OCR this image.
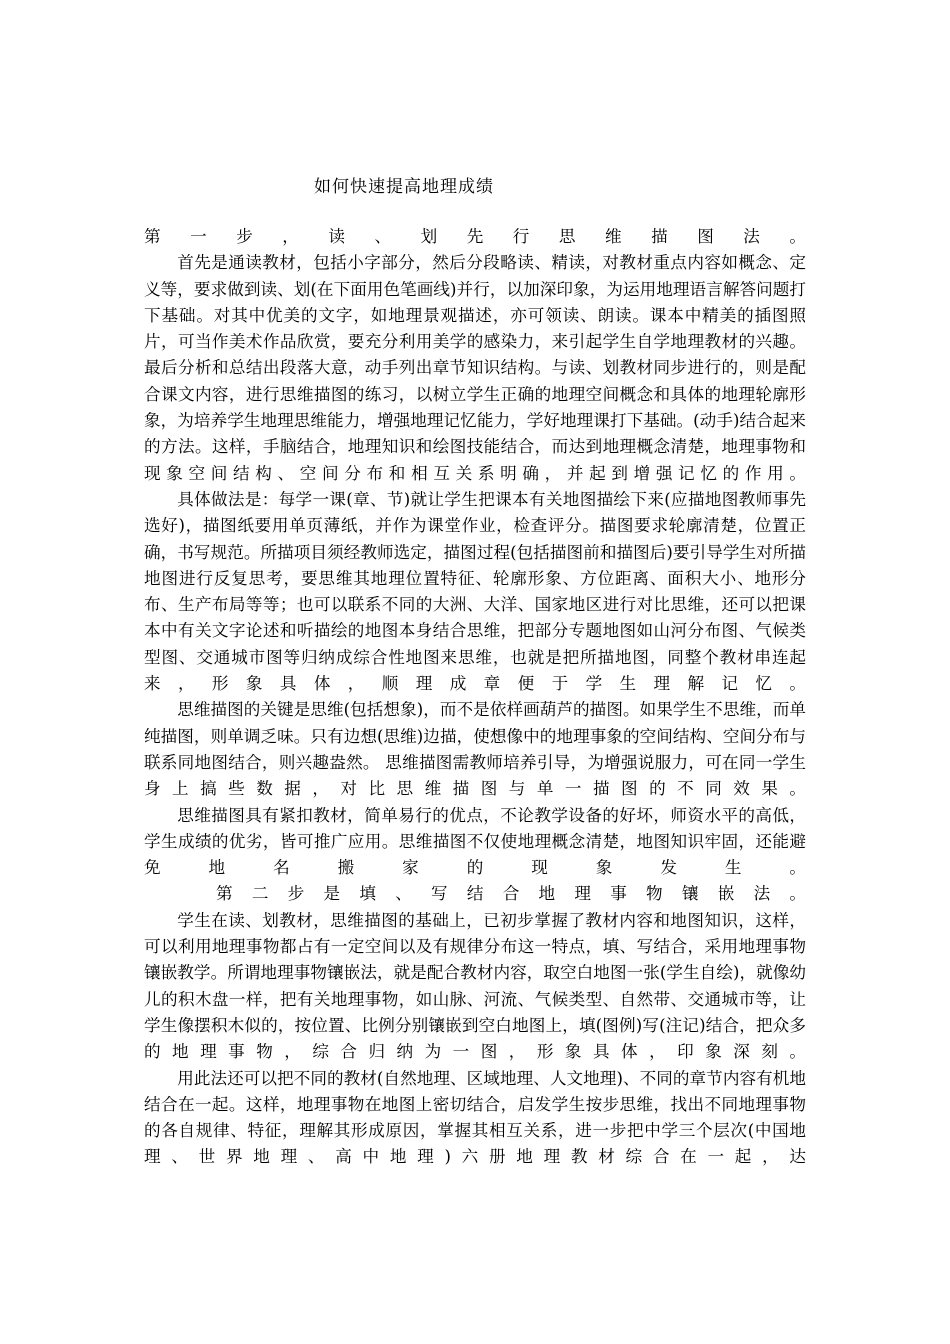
如何快速提高地理成绩

第一步，读、划先行思维描图法。

首先是通读教材，包括小字部分，然后分段略读、精读，对教材重点内容如概念、定义等，要求做到读、划(在下面用色笔画线)并行，以加深印象，为运用地理语言解答问题打下基础。对其中优美的文字，如地理景观描述，亦可领读、朗读。课本中精美的插图照片，可当作美术作品欣赏，要充分利用美学的感染力，来引起学生自学地理教材的兴趣。最后分析和总结出段落大意，动手列出章节知识结构。与读、划教材同步进行的，则是配合课文内容，进行思维描图的练习，以树立学生正确的地理空间概念和具体的地理轮廓形象，为培养学生地理思维能力，增强地理记忆能力，学好地理课打下基础。(动手)结合起来的方法。这样，手脑结合，地理知识和绘图技能结合，而达到地理概念清楚，地理事物和现象空间结构、空间分布和相互关系明确，并起到增强记忆的作用。

具体做法是：每学一课(章、节)就让学生把课本有关地图描绘下来(应描地图教师事先选好)，描图纸要用单页薄纸，并作为课堂作业，检查评分。描图要求轮廓清楚，位置正确，书写规范。所描项目须经教师选定，描图过程(包括描图前和描图后)要引导学生对所描地图进行反复思考，要思维其地理位置特征、轮廓形象、方位距离、面积大小、地形分布、生产布局等等；也可以联系不同的大洲、大洋、国家地区进行对比思维，还可以把课本中有关文字论述和听描绘的地图本身结合思维，把部分专题地图如山河分布图、气候类型图、交通城市图等归纳成综合性地图来思维，也就是把所描地图，同整个教材串连起来，形象具体，顺理成章便于学生理解记忆。

思维描图的关键是思维(包括想象)，而不是依样画葫芦的描图。如果学生不思维，而单纯描图，则单调乏味。只有边想(思维)边描，使想像中的地理事象的空间结构、空间分布与联系同地图结合，则兴趣盎然。 思维描图需教师培养引导，为增强说服力，可在同一学生身上搞些数据，对比思维描图与单一描图的不同效果。

思维描图具有紧扣教材，简单易行的优点，不论教学设备的好坏，师资水平的高低，学生成绩的优劣，皆可推广应用。思维描图不仅使地理概念清楚，地图知识牢固，还能避免地名搬家的现象发生。

第二步是填、写结合地理事物镶嵌法。

学生在读、划教材，思维描图的基础上，已初步掌握了教材内容和地图知识，这样，可以利用地理事物都占有一定空间以及有规律分布这一特点，填、写结合，采用地理事物镶嵌教学。所谓地理事物镶嵌法，就是配合教材内容，取空白地图一张(学生自绘)，就像幼儿的积木盘一样，把有关地理事物，如山脉、河流、气候类型、自然带、交通城市等，让学生像摆积木似的，按位置、比例分别镶嵌到空白地图上，填(图例)写(注记)结合，把众多的地理事物，综合归纳为一图，形象具体，印象深刻。

用此法还可以把不同的教材(自然地理、区域地理、人文地理)、不同的章节内容有机地结合在一起。这样，地理事物在地图上密切结合，启发学生按步思维，找出不同地理事物的各自规律、特征，理解其形成原因，掌握其相互关系，进一步把中学三个层次(中国地理、世界地理、高中地理)六册地理教材综合在一起，达
